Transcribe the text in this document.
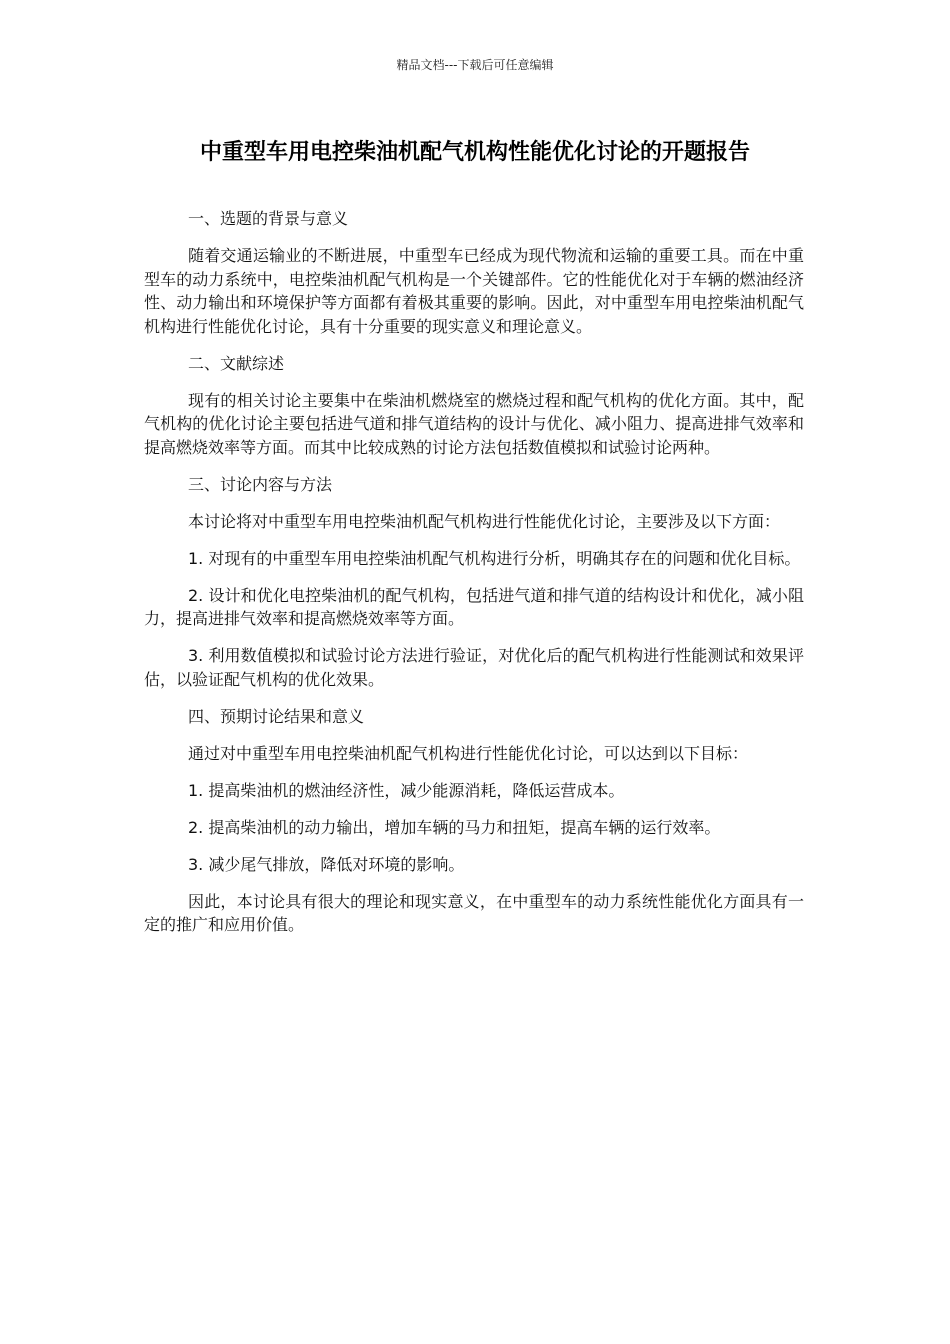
精品文档---下载后可任意编辑
中重型车用电控柴油机配气机构性能优化讨论的开题报告

一、选题的背景与意义

随着交通运输业的不断进展，中重型车已经成为现代物流和运输的重要工具。而在中重型车的动力系统中，电控柴油机配气机构是一个关键部件。它的性能优化对于车辆的燃油经济性、动力输出和环境保护等方面都有着极其重要的影响。因此，对中重型车用电控柴油机配气机构进行性能优化讨论，具有十分重要的现实意义和理论意义。

二、文献综述

现有的相关讨论主要集中在柴油机燃烧室的燃烧过程和配气机构的优化方面。其中，配气机构的优化讨论主要包括进气道和排气道结构的设计与优化、减小阻力、提高进排气效率和提高燃烧效率等方面。而其中比较成熟的讨论方法包括数值模拟和试验讨论两种。

三、讨论内容与方法

本讨论将对中重型车用电控柴油机配气机构进行性能优化讨论，主要涉及以下方面：

1. 对现有的中重型车用电控柴油机配气机构进行分析，明确其存在的问题和优化目标。

2. 设计和优化电控柴油机的配气机构，包括进气道和排气道的结构设计和优化，减小阻力，提高进排气效率和提高燃烧效率等方面。

3. 利用数值模拟和试验讨论方法进行验证，对优化后的配气机构进行性能测试和效果评估，以验证配气机构的优化效果。

四、预期讨论结果和意义

通过对中重型车用电控柴油机配气机构进行性能优化讨论，可以达到以下目标：

1. 提高柴油机的燃油经济性，减少能源消耗，降低运营成本。

2. 提高柴油机的动力输出，增加车辆的马力和扭矩，提高车辆的运行效率。

3. 减少尾气排放，降低对环境的影响。

因此，本讨论具有很大的理论和现实意义，在中重型车的动力系统性能优化方面具有一定的推广和应用价值。
